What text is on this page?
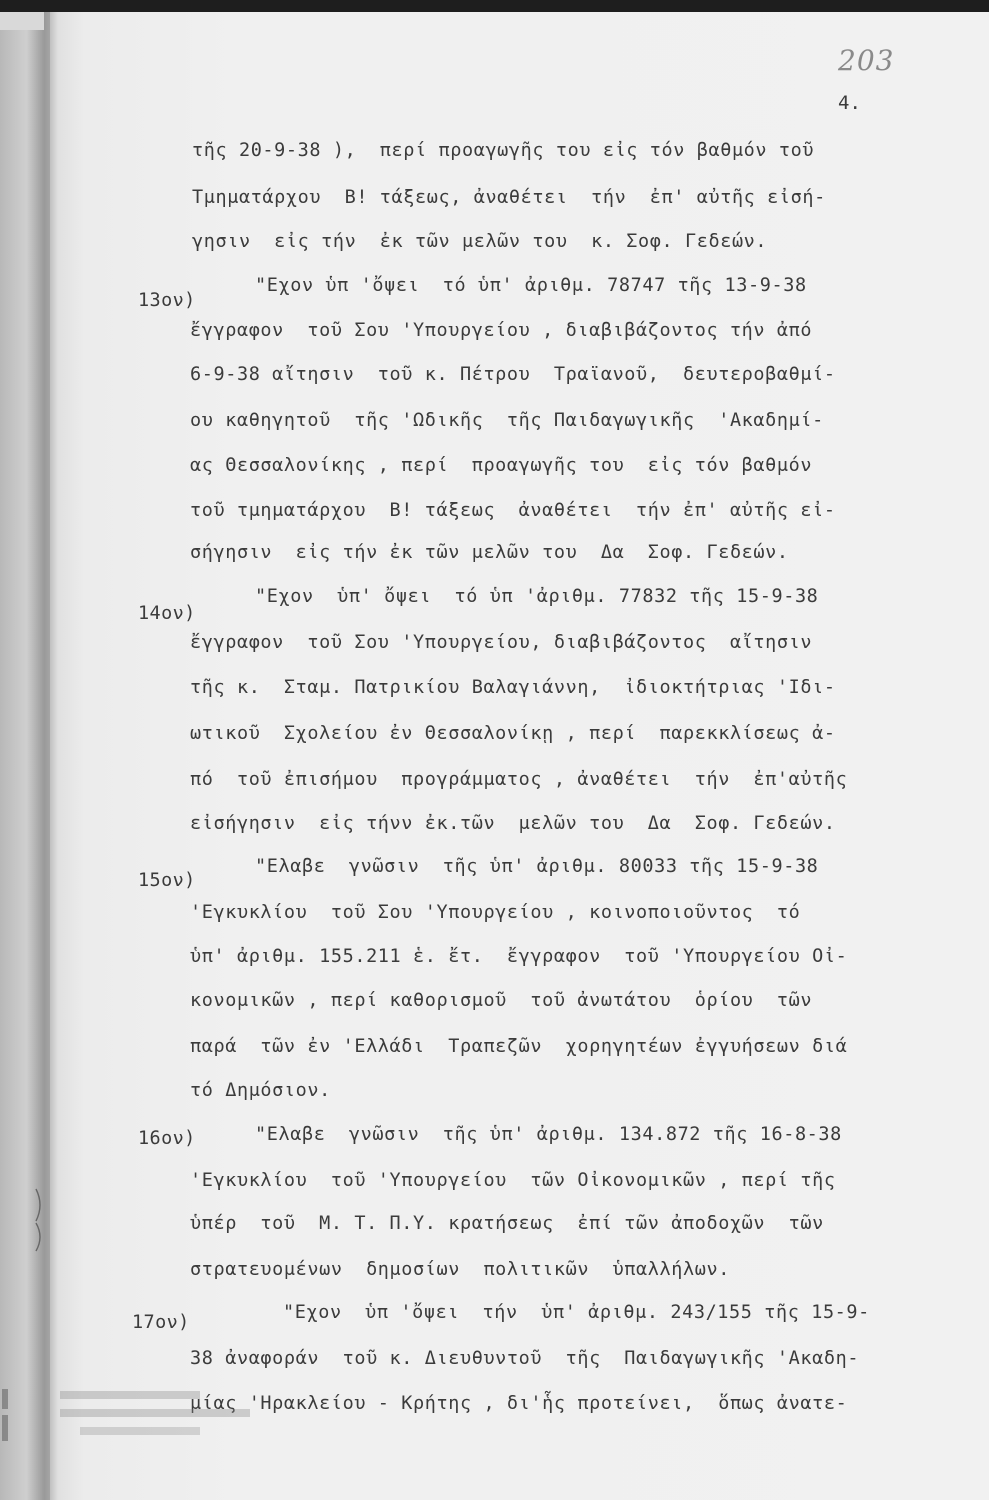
203
4.
τῆς 20-9-38 ),  περί προαγωγῆς του εἰς τόν βαθμόν τοῦ
Τμηματάρχου  Β! τάξεως, ἀναθέτει  τήν  ἐπ' αὐτῆς εἰσή-
γησιν  εἰς τήν  ἐκ τῶν μελῶν του  κ. Σοφ. Γεδεών.
13ον)
"Εχον ὑπ 'ὄψει  τό ὑπ' ἀριθμ. 78747 τῆς 13-9-38
ἔγγραφον  τοῦ Σου 'Υπουργείου , διαβιβάζοντος τήν ἀπό
6-9-38 αἴτησιν  τοῦ κ. Πέτρου  Τραϊανοῦ,  δευτεροβαθμί-
ου καθηγητοῦ  τῆς 'Ωδικῆς  τῆς Παιδαγωγικῆς  'Ακαδημί-
ας Θεσσαλονίκης , περί  προαγωγῆς του  εἰς τόν βαθμόν
τοῦ τμηματάρχου  Β! τάξεως  ἀναθέτει  τήν ἐπ' αὐτῆς εἰ-
σήγησιν  εἰς τήν ἐκ τῶν μελῶν του  Δα  Σοφ. Γεδεών.
14ον)
"Εχον  ὑπ' ὄψει  τό ὑπ 'ἀριθμ. 77832 τῆς 15-9-38
ἔγγραφον  τοῦ Σου 'Υπουργείου, διαβιβάζοντος  αἴτησιν
τῆς κ.  Σταμ. Πατρικίου Βαλαγιάννη,  ἰδιοκτήτριας 'Ιδι-
ωτικοῦ  Σχολείου ἐν Θεσσαλονίκῃ , περί  παρεκκλίσεως ἀ-
πό  τοῦ ἐπισήμου  προγράμματος , ἀναθέτει  τήν  ἐπ'αὐτῆς
εἰσήγησιν  εἰς τήνν ἐκ.τῶν  μελῶν του  Δα  Σοφ. Γεδεών.
15ον)
"Ελαβε  γνῶσιν  τῆς ὑπ' ἀριθμ. 80033 τῆς 15-9-38
'Εγκυκλίου  τοῦ Σου 'Υπουργείου , κοινοποιοῦντος  τό
ὑπ' ἀριθμ. 155.211 ἑ. ἔτ.  ἔγγραφον  τοῦ 'Υπουργείου Οἰ-
κονομικῶν , περί καθορισμοῦ  τοῦ ἀνωτάτου  ὁρίου  τῶν
παρά  τῶν ἐν 'Ελλάδι  Τραπεζῶν  χορηγητέων ἐγγυήσεων διά
τό Δημόσιον.
16ον)	"Ελαβε  γνῶσιν  τῆς ὑπ' ἀριθμ. 134.872 τῆς 16-8-38
'Εγκυκλίου  τοῦ 'Υπουργείου  τῶν Οἰκονομικῶν , περί τῆς
ὑπέρ  τοῦ  Μ. Τ. Π.Υ. κρατήσεως  ἐπί τῶν ἀποδοχῶν  τῶν
στρατευομένων  δημοσίων  πολιτικῶν  ὑπαλλήλων.
17ον)	"Εχον  ὑπ 'ὄψει  τήν  ὑπ' ἀριθμ. 243/155 τῆς 15-9-
38 ἀναφοράν  τοῦ κ. Διευθυντοῦ  τῆς  Παιδαγωγικῆς 'Ακαδη-
μίας 'Ηρακλείου - Κρήτης , δι'ἧς προτείνει,  ὅπως ἀνατε-
